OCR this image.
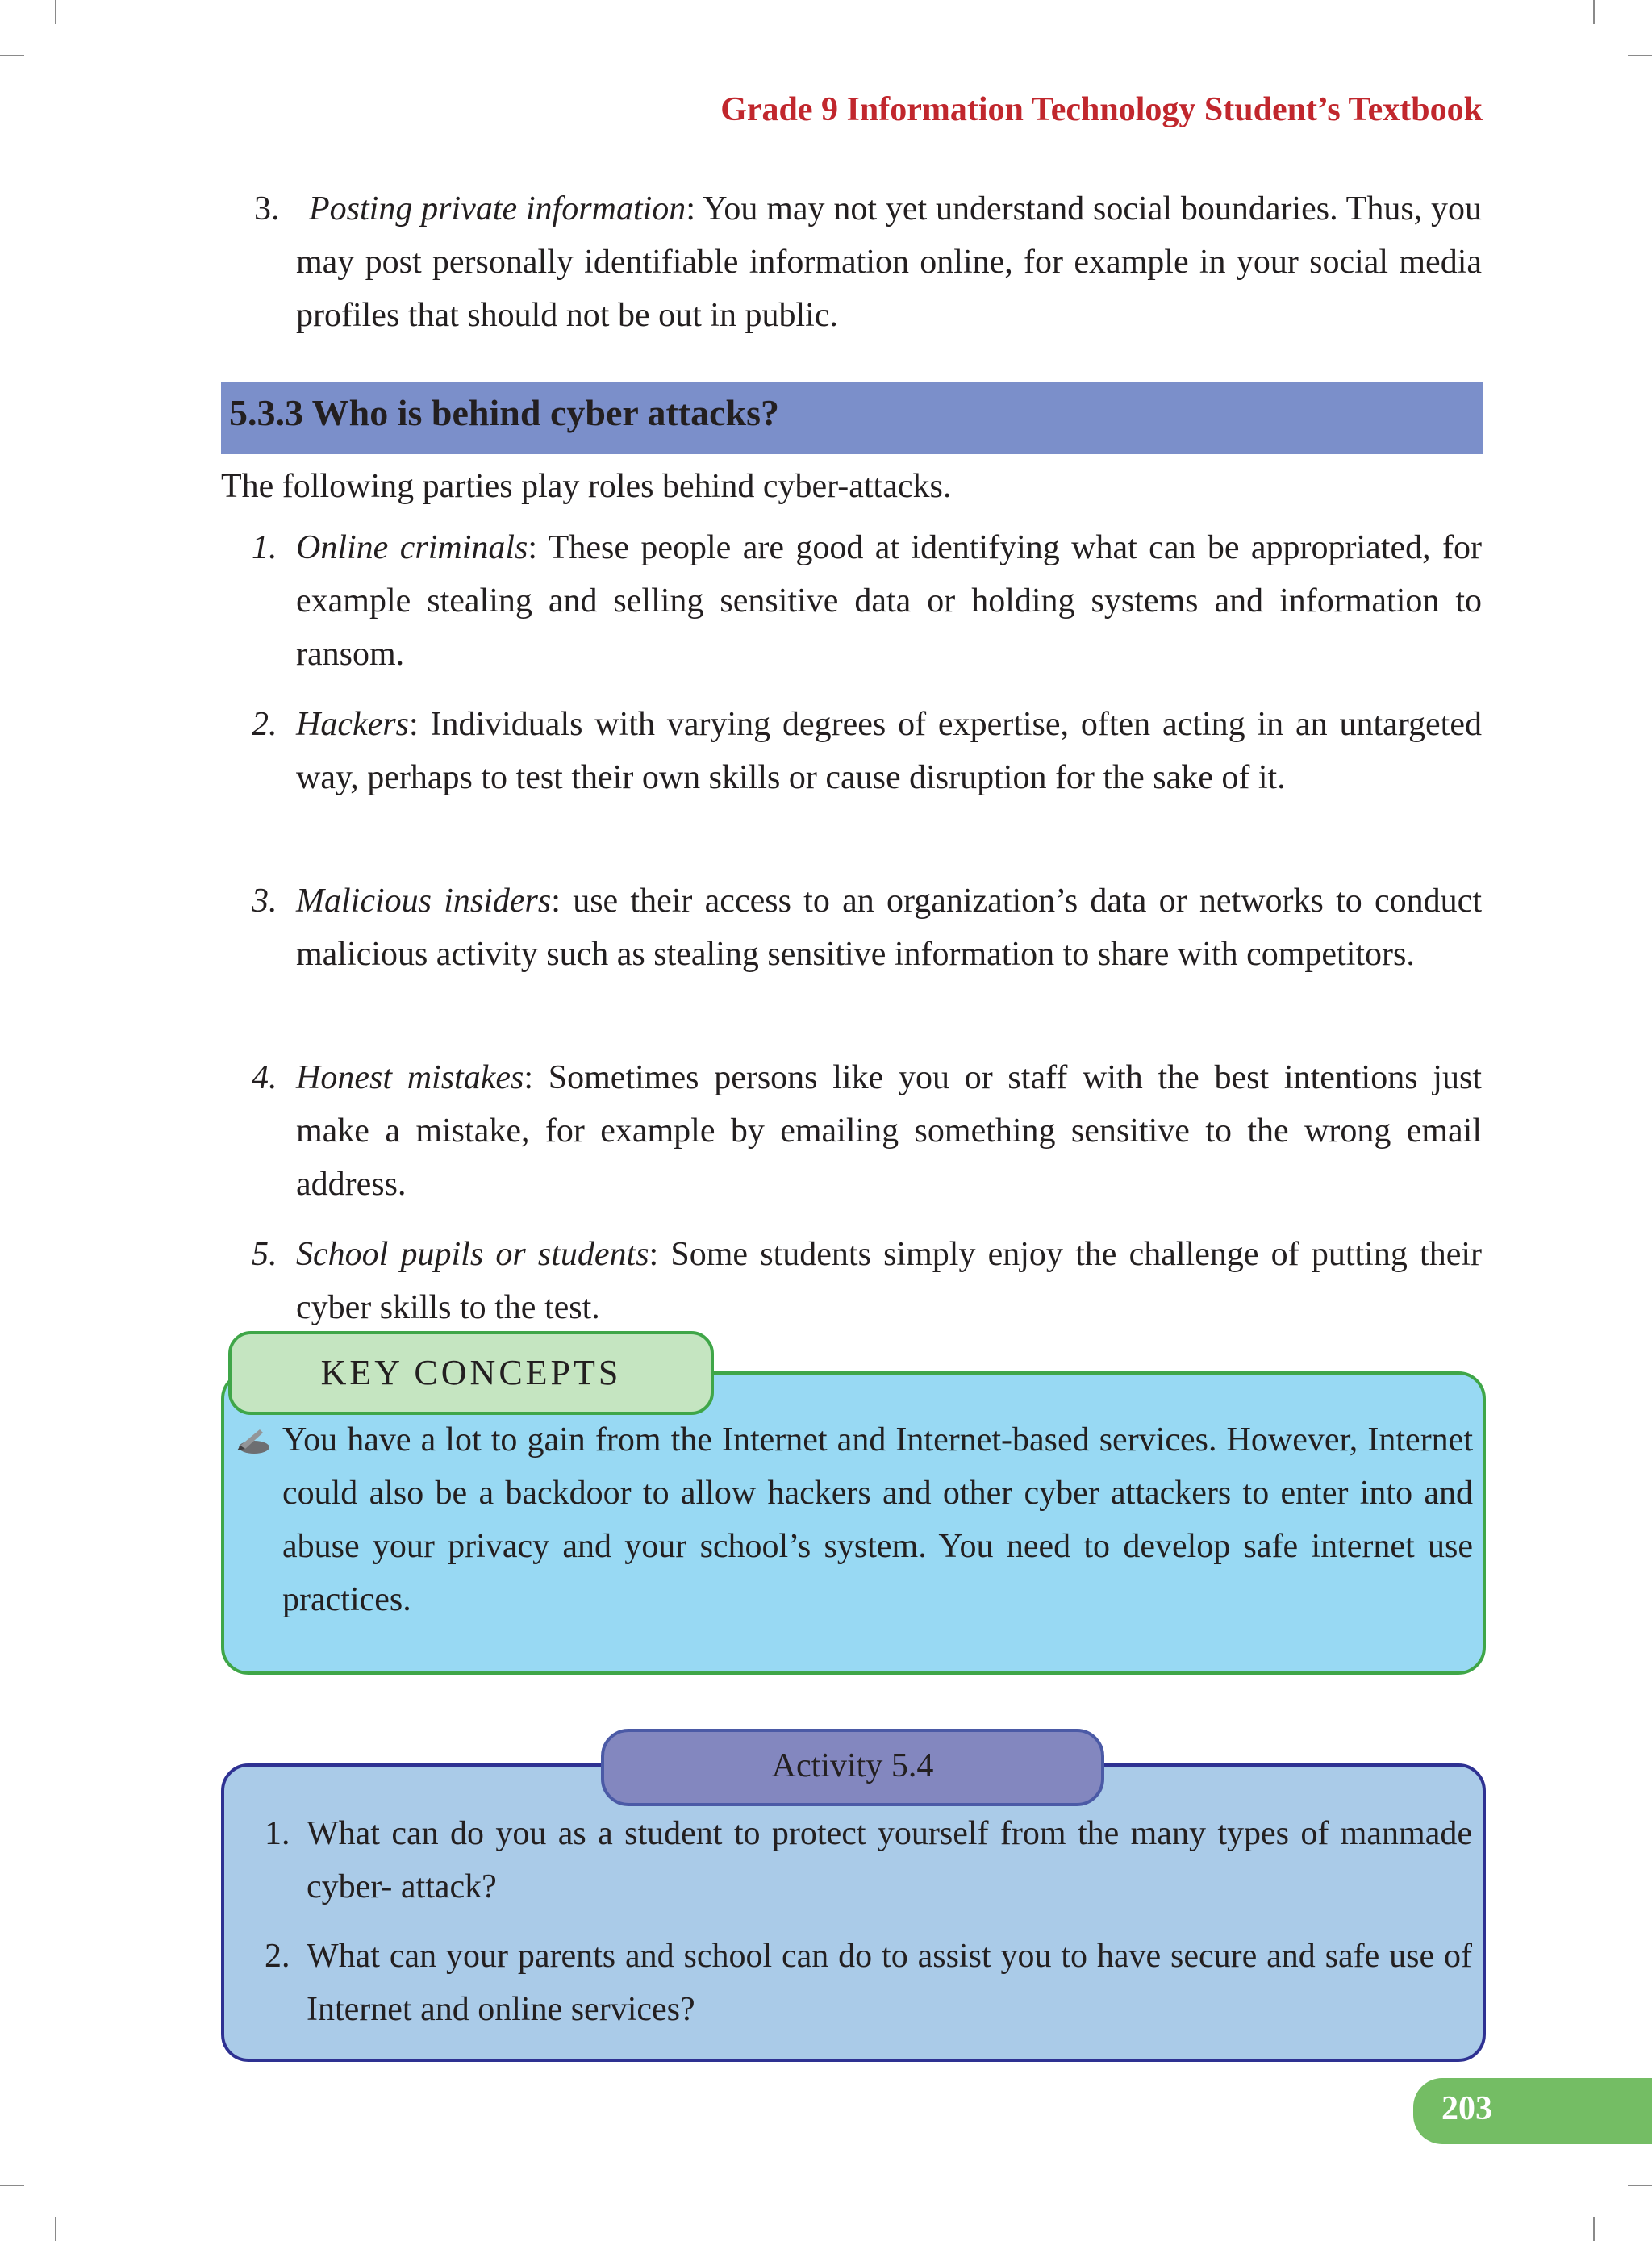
Grade 9 Information Technology Student’s Textbook
3. Posting private information: You may not yet understand social boundaries. Thus, you may post personally identifiable information online, for example in your social media profiles that should not be out in public.
5.3.3 Who is behind cyber attacks?
The following parties play roles behind cyber-attacks.
1. Online criminals: These people are good at identifying what can be appropriated, for example stealing and selling sensitive data or holding systems and information to ransom.
2. Hackers: Individuals with varying degrees of expertise, often acting in an untargeted way, perhaps to test their own skills or cause disruption for the sake of it.
3. Malicious insiders: use their access to an organization’s data or networks to conduct malicious activity such as stealing sensitive information to share with competitors.
4. Honest mistakes: Sometimes persons like you or staff with the best intentions just make a mistake, for example by emailing something sensitive to the wrong email address.
5. School pupils or students: Some students simply enjoy the challenge of putting their cyber skills to the test.
KEY CONCEPTS
You have a lot to gain from the Internet and Internet-based services. However, Internet could also be a backdoor to allow hackers and other cyber attackers to enter into and abuse your privacy and your school’s system. You need to develop safe internet use practices.
Activity 5.4
1. What can do you as a student to protect yourself from the many types of manmade cyber- attack?
2. What can your parents and school can do to assist you to have secure and safe use of Internet and online services?
203
